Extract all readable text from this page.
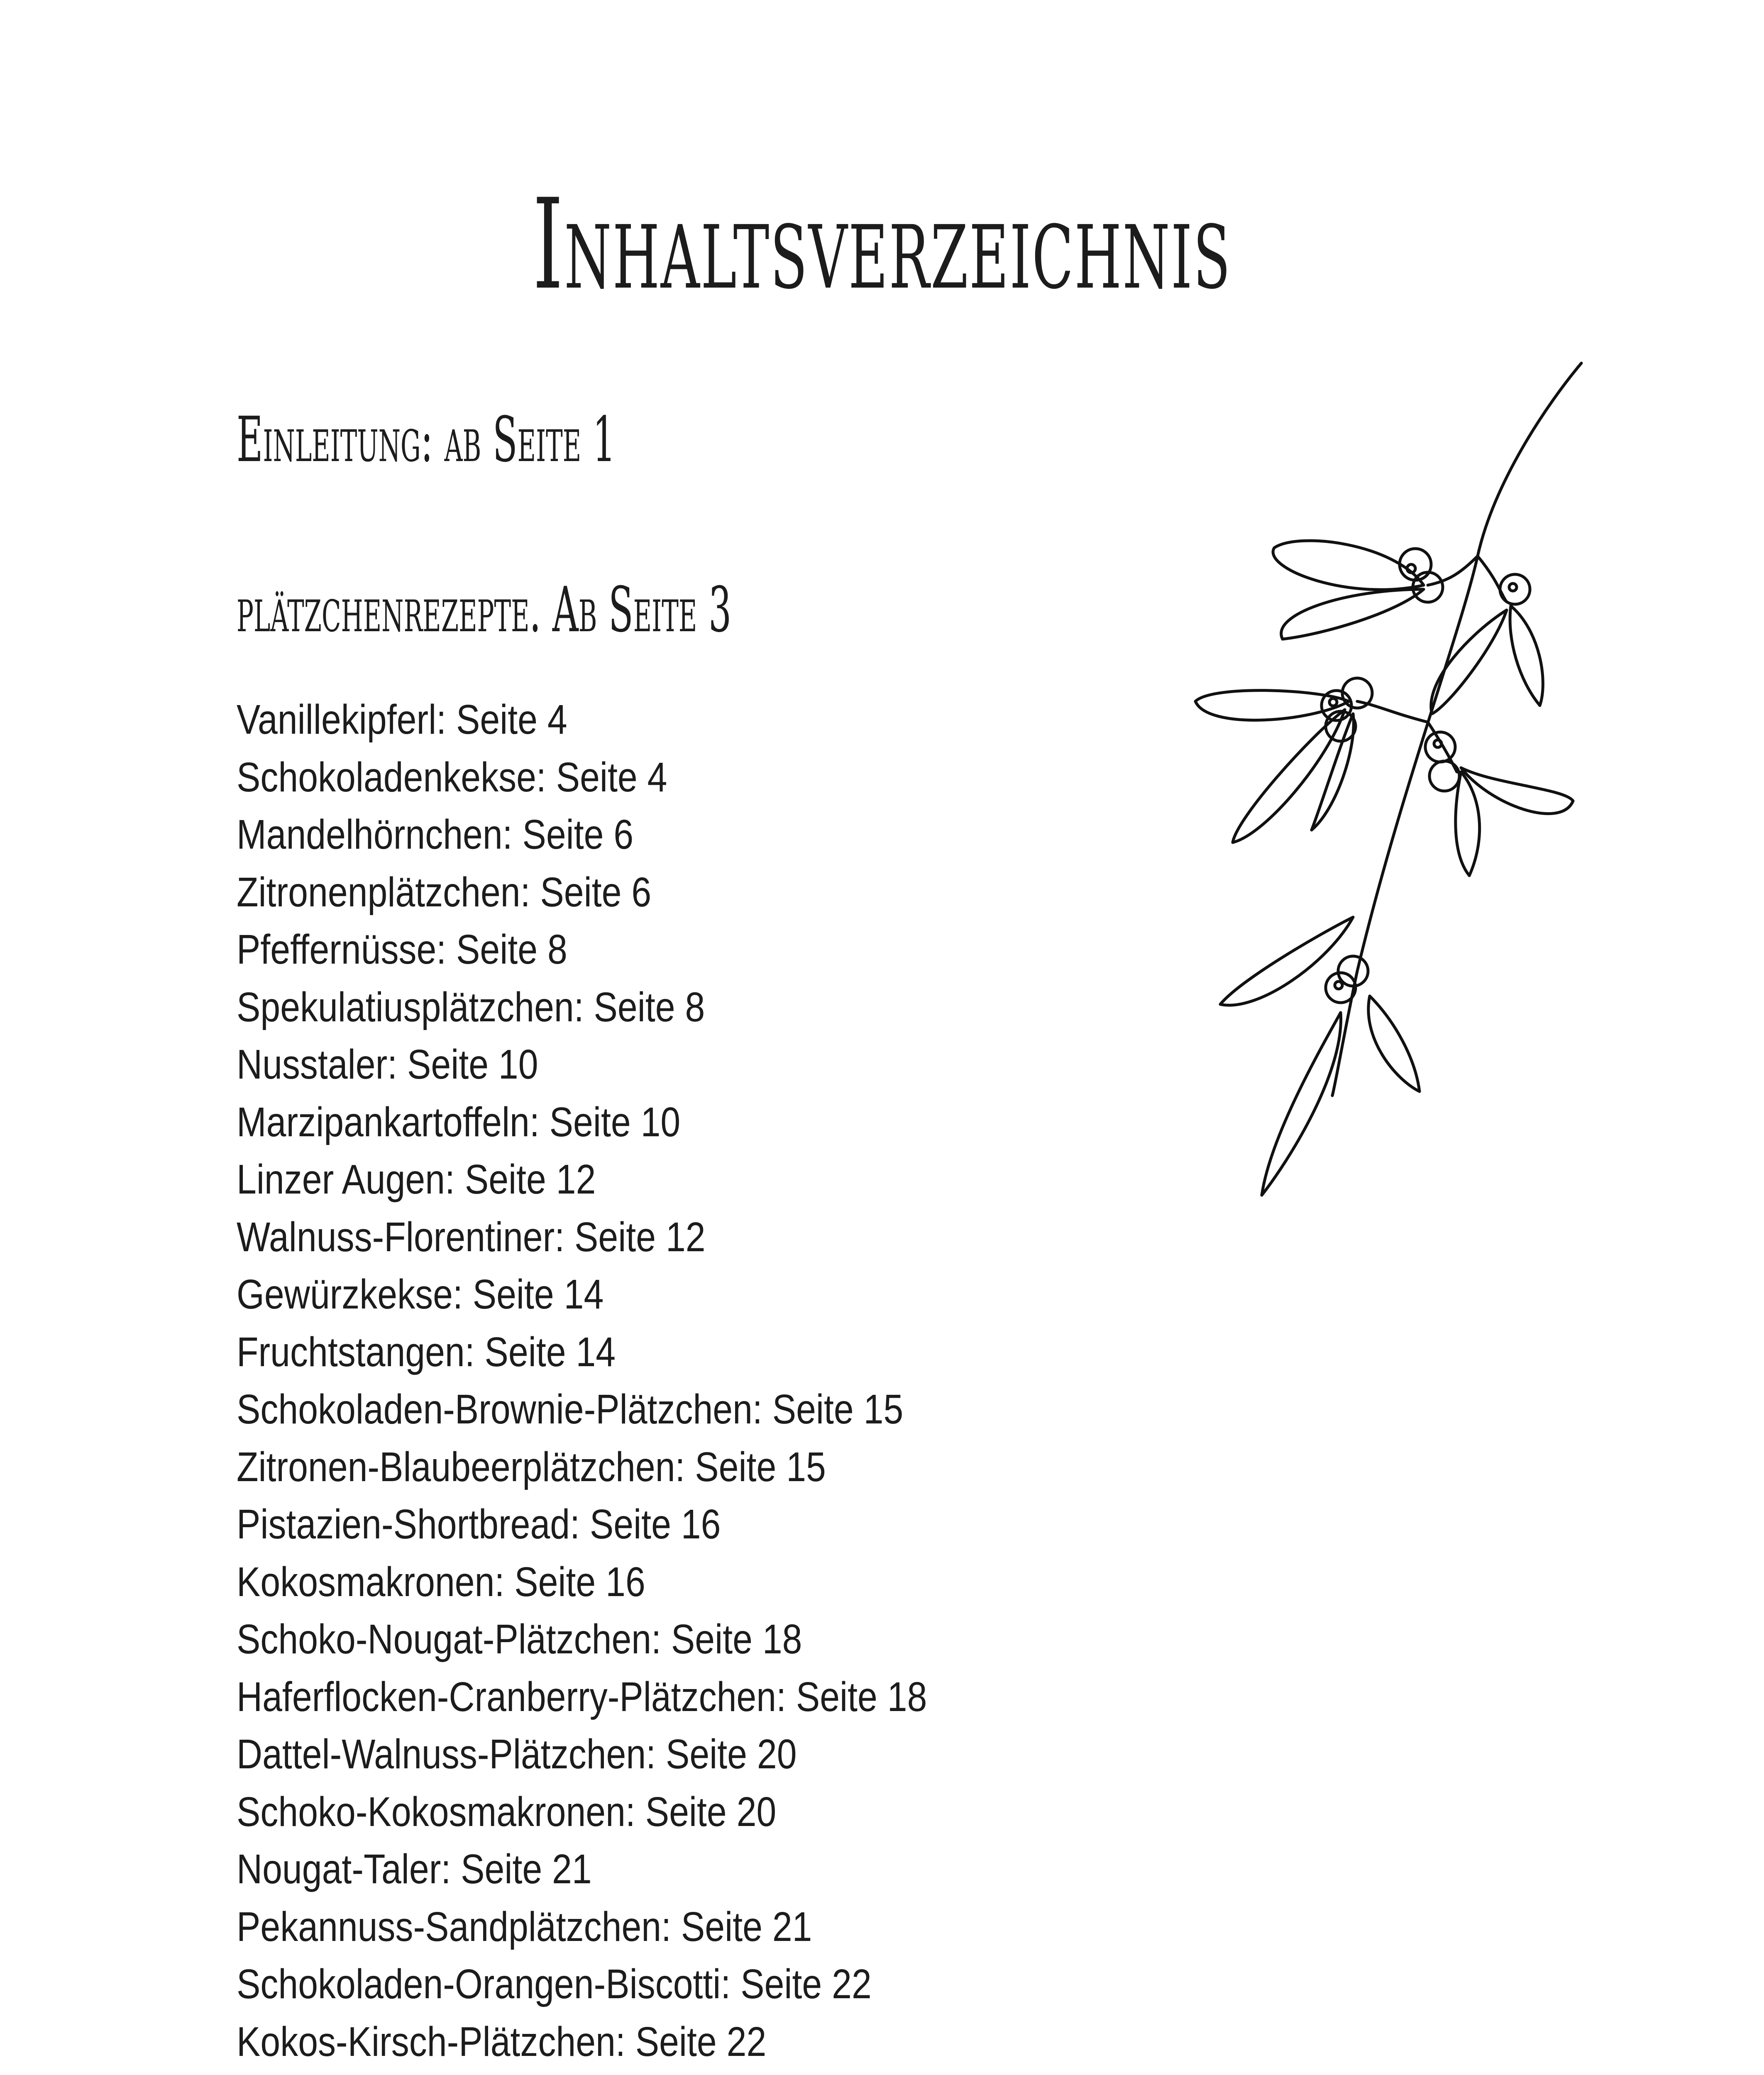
Inhaltsverzeichnis
Einleitung: ab Seite 1
plätzchenrezepte. Ab Seite 3
Vanillekipferl: Seite 4
Schokoladenkekse: Seite 4
Mandelhörnchen: Seite 6
Zitronenplätzchen: Seite 6
Pfeffernüsse: Seite 8
Spekulatiusplätzchen: Seite 8
Nusstaler: Seite 10
Marzipankartoffeln: Seite 10
Linzer Augen: Seite 12
Walnuss-Florentiner: Seite 12
Gewürzkekse: Seite 14
Fruchtstangen: Seite 14
Schokoladen-Brownie-Plätzchen: Seite 15
Zitronen-Blaubeerplätzchen: Seite 15
Pistazien-Shortbread: Seite 16
Kokosmakronen: Seite 16
Schoko-Nougat-Plätzchen: Seite 18
Haferflocken-Cranberry-Plätzchen: Seite 18
Dattel-Walnuss-Plätzchen: Seite 20
Schoko-Kokosmakronen: Seite 20
Nougat-Taler: Seite 21
Pekannuss-Sandplätzchen: Seite 21
Schokoladen-Orangen-Biscotti: Seite 22
Kokos-Kirsch-Plätzchen: Seite 22
